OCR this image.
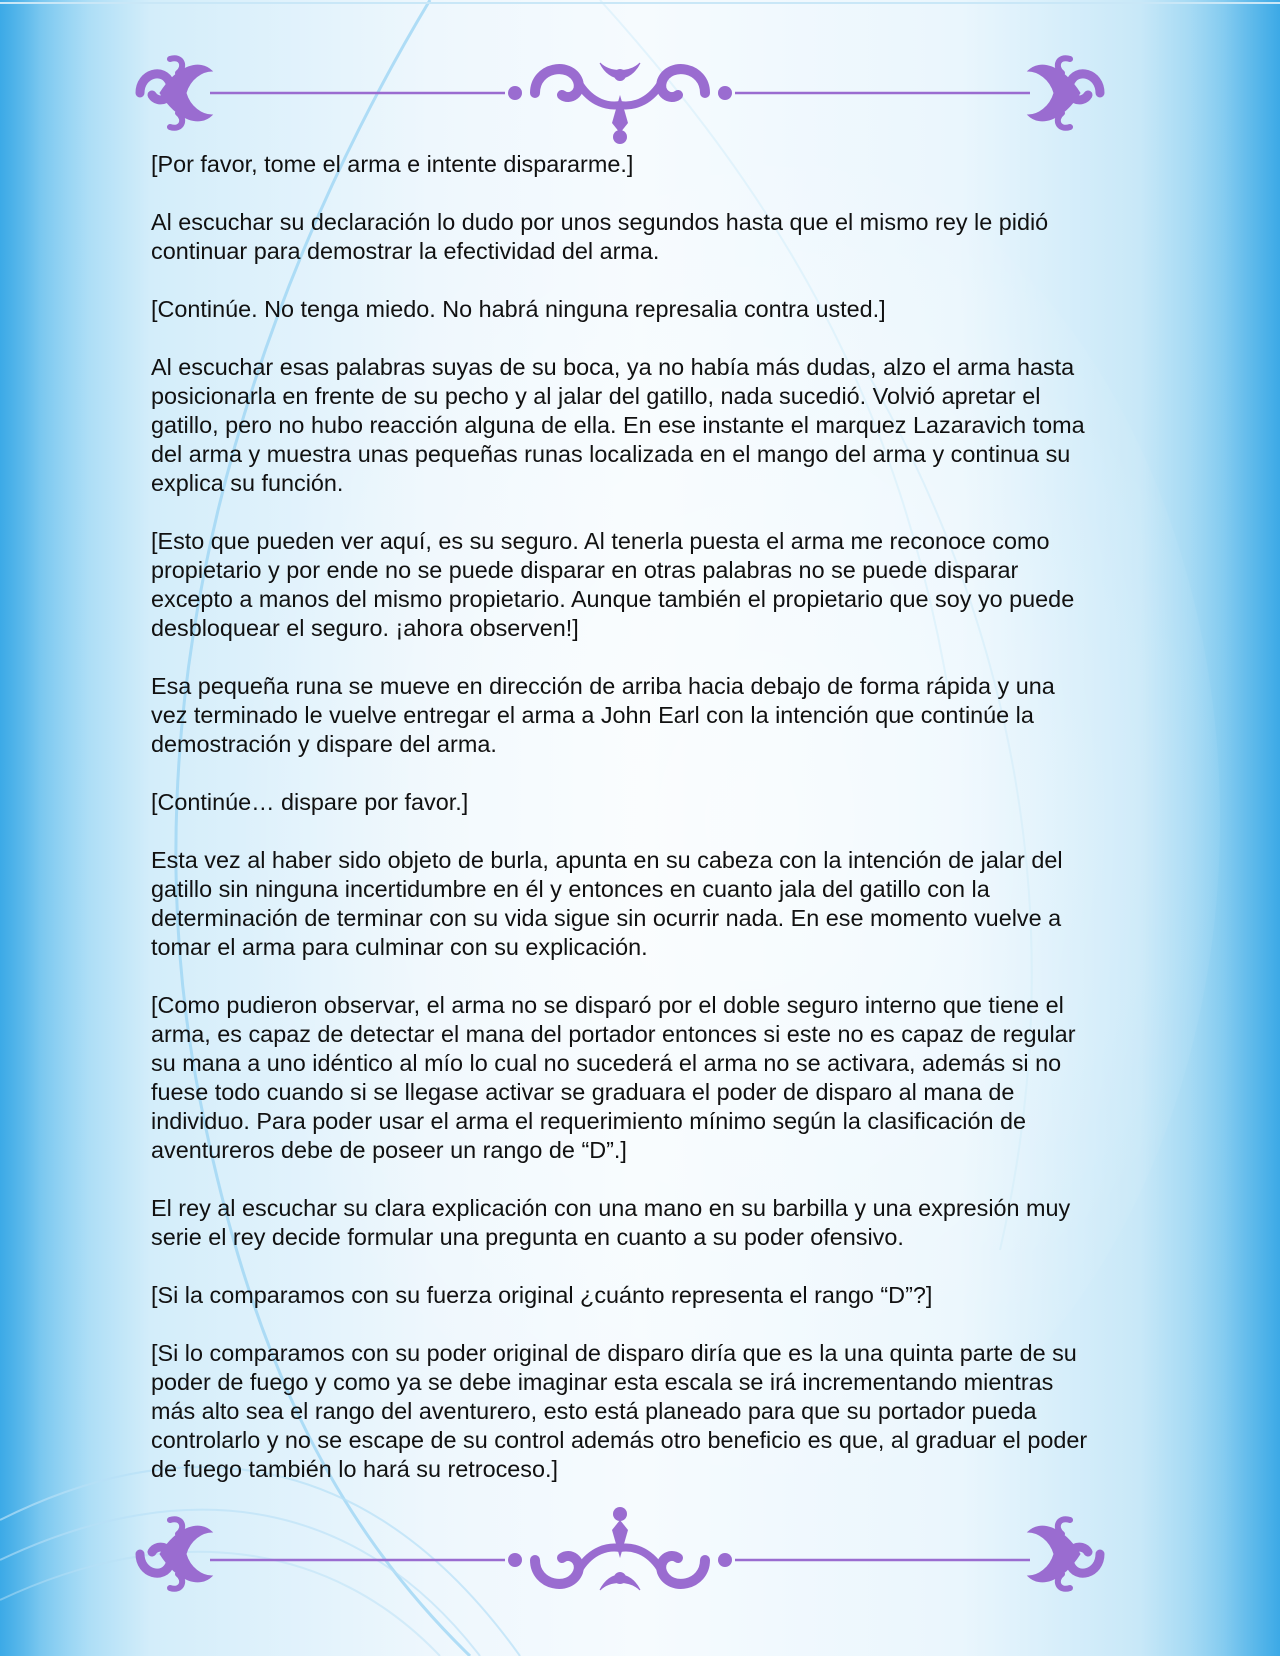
[Por favor, tome el arma e intente dispararme.]

Al escuchar su declaración lo dudo por unos segundos hasta que el mismo rey le pidió continuar para demostrar la efectividad del arma.

[Continúe. No tenga miedo. No habrá ninguna represalia contra usted.]

Al escuchar esas palabras suyas de su boca, ya no había más dudas, alzo el arma hasta posicionarla en frente de su pecho y al jalar del gatillo, nada sucedió. Volvió apretar el gatillo, pero no hubo reacción alguna de ella. En ese instante el marquez Lazaravich toma del arma y muestra unas pequeñas runas localizada en el mango del arma y continua su explica su función.

[Esto que pueden ver aquí, es su seguro. Al tenerla puesta el arma me reconoce como propietario y por ende no se puede disparar en otras palabras no se puede disparar excepto a manos del mismo propietario. Aunque también el propietario que soy yo puede desbloquear el seguro. ¡ahora observen!]

Esa pequeña runa se mueve en dirección de arriba hacia debajo de forma rápida y una vez terminado le vuelve entregar el arma a John Earl con la intención que continúe la demostración y dispare del arma.

[Continúe… dispare por favor.]

Esta vez al haber sido objeto de burla, apunta en su cabeza con la intención de jalar del gatillo sin ninguna incertidumbre en él y entonces en cuanto jala del gatillo con la determinación de terminar con su vida sigue sin ocurrir nada. En ese momento vuelve a tomar el arma para culminar con su explicación.

[Como pudieron observar, el arma no se disparó por el doble seguro interno que tiene el arma, es capaz de detectar el mana del portador entonces si este no es capaz de regular su mana a uno idéntico al mío lo cual no sucederá el arma no se activara, además si no fuese todo cuando si se llegase activar se graduara el poder de disparo al mana de individuo. Para poder usar el arma el requerimiento mínimo según la clasificación de aventureros debe de poseer un rango de “D”.]

El rey al escuchar su clara explicación con una mano en su barbilla y una expresión muy serie el rey decide formular una pregunta en cuanto a su poder ofensivo.

[Si la comparamos con su fuerza original ¿cuánto representa el rango “D”?]

[Si lo comparamos con su poder original de disparo diría que es la una quinta parte de su poder de fuego y como ya se debe imaginar esta escala se irá incrementando mientras más alto sea el rango del aventurero, esto está planeado para que su portador pueda controlarlo y no se escape de su control además otro beneficio es que, al graduar el poder de fuego también lo hará su retroceso.]
